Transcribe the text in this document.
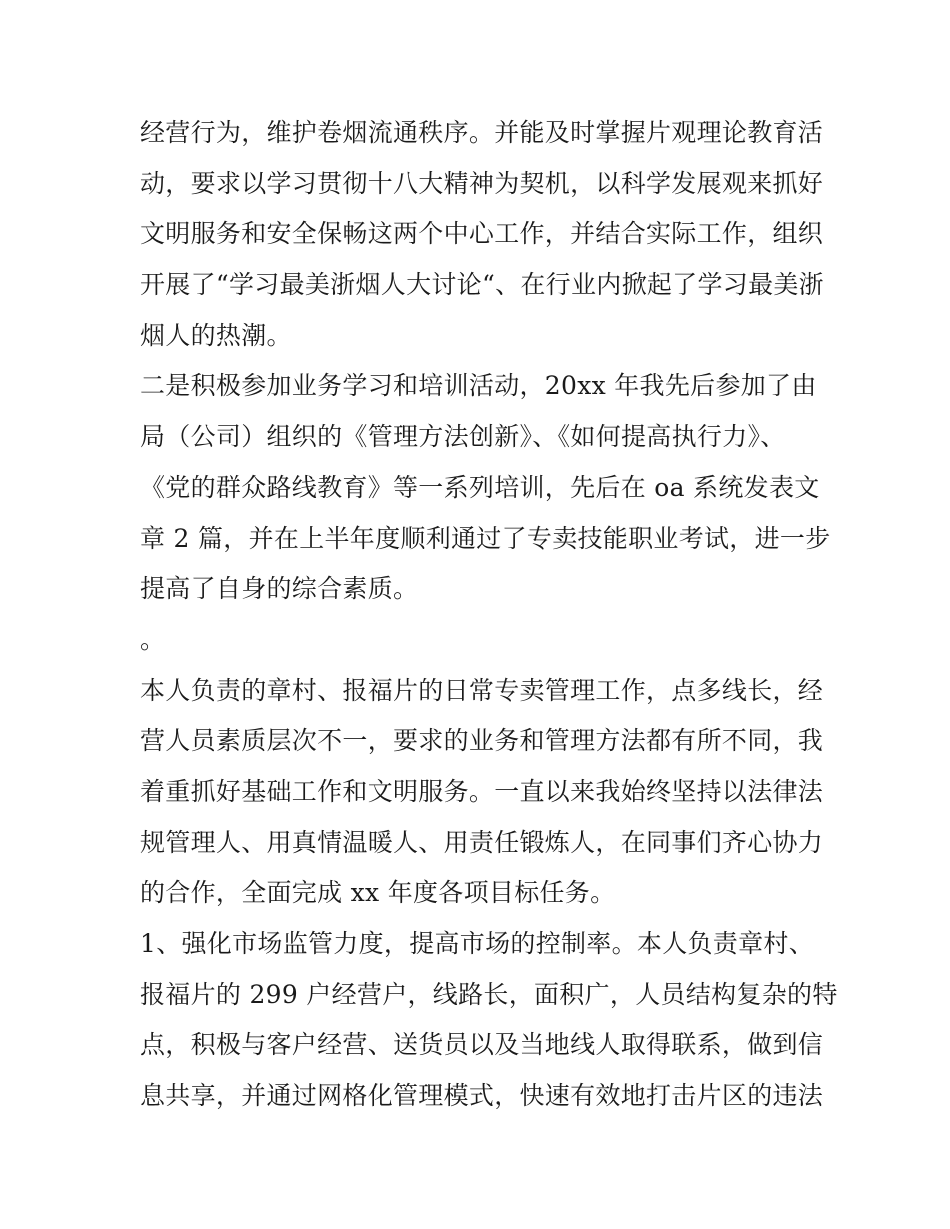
经营行为，维护卷烟流通秩序。并能及时掌握片观理论教育活
动，要求以学习贯彻十八大精神为契机，以科学发展观来抓好
文明服务和安全保畅这两个中心工作，并结合实际工作，组织
开展了“学习最美浙烟人大讨论“、在行业内掀起了学习最美浙
烟人的热潮。
二是积极参加业务学习和培训活动，20xx 年我先后参加了由
局（公司）组织的《管理方法创新》、《如何提高执行力》、
《党的群众路线教育》等一系列培训，先后在 oa 系统发表文
章 2 篇，并在上半年度顺利通过了专卖技能职业考试，进一步
提高了自身的综合素质。
。
本人负责的章村、报福片的日常专卖管理工作，点多线长，经
营人员素质层次不一，要求的业务和管理方法都有所不同，我
着重抓好基础工作和文明服务。一直以来我始终坚持以法律法
规管理人、用真情温暖人、用责任锻炼人，在同事们齐心协力
的合作，全面完成 xx 年度各项目标任务。
1、强化市场监管力度，提高市场的控制率。本人负责章村、
报福片的 299 户经营户，线路长，面积广，人员结构复杂的特
点，积极与客户经营、送货员以及当地线人取得联系，做到信
息共享，并通过网格化管理模式，快速有效地打击片区的违法
